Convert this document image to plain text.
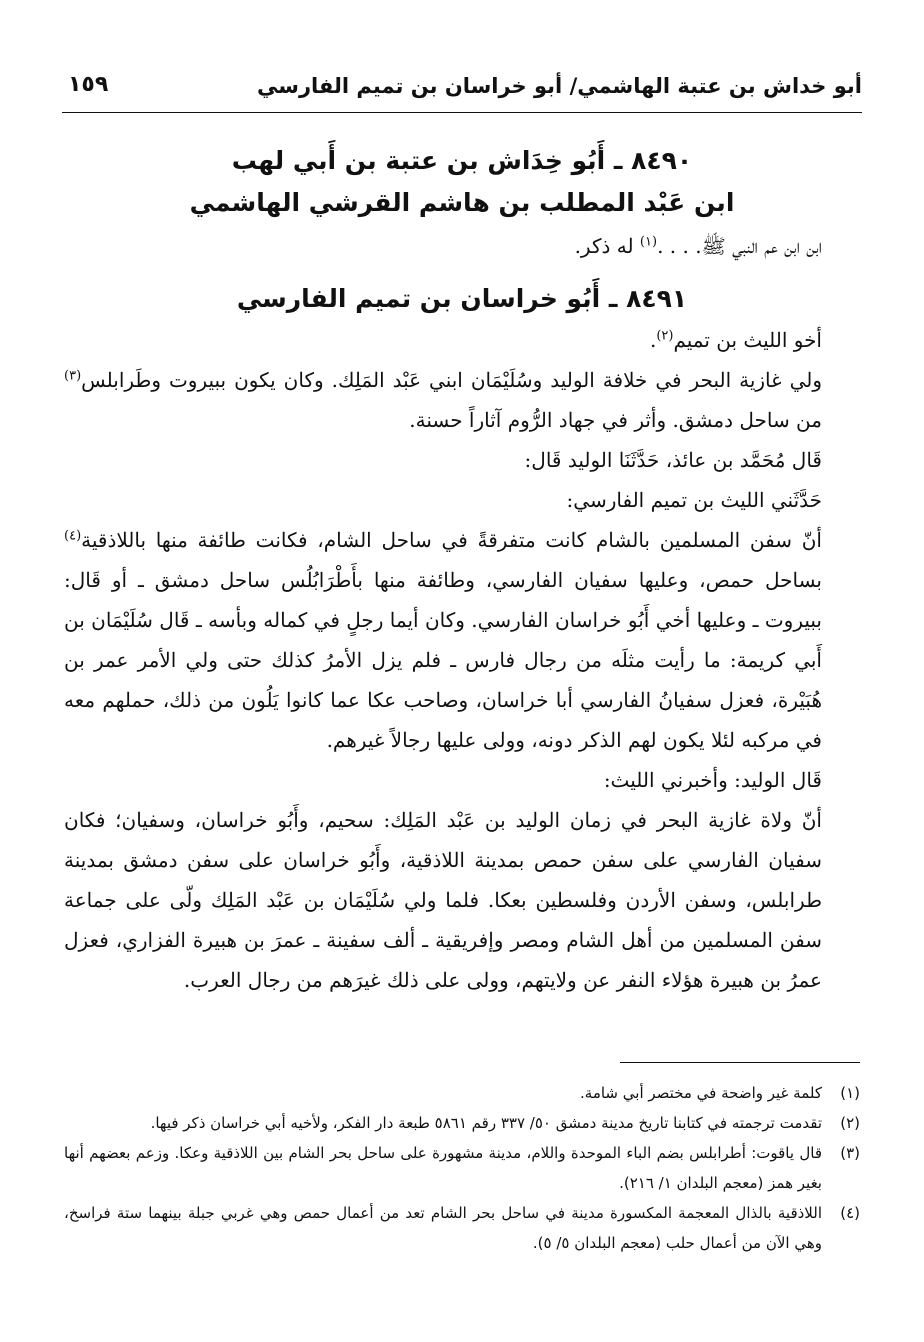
أبو خداش بن عتبة الهاشمي/ أبو خراسان بن تميم الفارسي
١٥٩
٨٤٩٠ ـ أَبُو خِدَاش بن عتبة بن أَبي لهب
ابن عَبْد المطلب بن هاشم القرشي الهاشمي

ابن ابن عم النبي ﷺ. . . .$^{(١)}$ له ذكر.

٨٤٩١ ـ أَبُو خراسان بن تميم الفارسي

أخو الليث بن تميم$^{(٢)}$.

ولي غازية البحر في خلافة الوليد وسُلَيْمَان ابني عَبْد المَلِك. وكان يكون ببيروت وطَرابلس$^{(٣)}$ من ساحل دمشق. وأثر في جهاد الرُّوم آثاراً حسنة.

قَال مُحَمَّد بن عائذ، حَدَّثَنَا الوليد قَال:

حَدَّثَني الليث بن تميم الفارسي:

أنّ سفن المسلمين بالشام كانت متفرقةً في ساحل الشام، فكانت طائفة منها باللاذقية$^{(٤)}$ بساحل حمص، وعليها سفيان الفارسي، وطائفة منها بأَطْرَابُلُس ساحل دمشق ـ أو قَال: ببيروت ـ وعليها أخي أَبُو خراسان الفارسي. وكان أيما رجلٍ في كماله وبأسه ـ قَال سُلَيْمَان بن أَبي كريمة: ما رأيت مثلَه من رجال فارس ـ فلم يزل الأمرُ كذلك حتى ولي الأمر عمر بن هُبَيْرة، فعزل سفيانُ الفارسي أبا خراسان، وصاحب عكا عما كانوا يَلُون من ذلك، حملهم معه في مركبه لئلا يكون لهم الذكر دونه، وولى عليها رجالاً غيرهم.

قَال الوليد: وأخبرني الليث:

أنّ ولاة غازية البحر في زمان الوليد بن عَبْد المَلِك: سحيم، وأَبُو خراسان، وسفيان؛ فكان سفيان الفارسي على سفن حمص بمدينة اللاذقية، وأَبُو خراسان على سفن دمشق بمدينة طرابلس، وسفن الأردن وفلسطين بعكا. فلما ولي سُلَيْمَان بن عَبْد المَلِك ولّى على جماعة سفن المسلمين من أهل الشام ومصر وإفريقية ـ ألف سفينة ـ عمرَ بن هبيرة الفزاري، فعزل عمرُ بن هبيرة هؤلاء النفر عن ولايتهم، وولى على ذلك غيرَهم من رجال العرب.

(١)
كلمة غير واضحة في مختصر أبي شامة.
(٢)
تقدمت ترجمته في كتابنا تاريخ مدينة دمشق ٥٠/ ٣٣٧ رقم ٥٨٦١ طبعة دار الفكر، ولأخيه أبي خراسان ذكر فيها.
(٣)
قال ياقوت: أطرابلس بضم الباء الموحدة واللام، مدينة مشهورة على ساحل بحر الشام بين اللاذقية وعكا. وزعم بعضهم أنها بغير همز (معجم البلدان ١/ ٢١٦).
(٤)
اللاذقية بالذال المعجمة المكسورة مدينة في ساحل بحر الشام تعد من أعمال حمص وهي غربي جبلة بينهما ستة فراسخ، وهي الآن من أعمال حلب (معجم البلدان ٥/ ٥).
